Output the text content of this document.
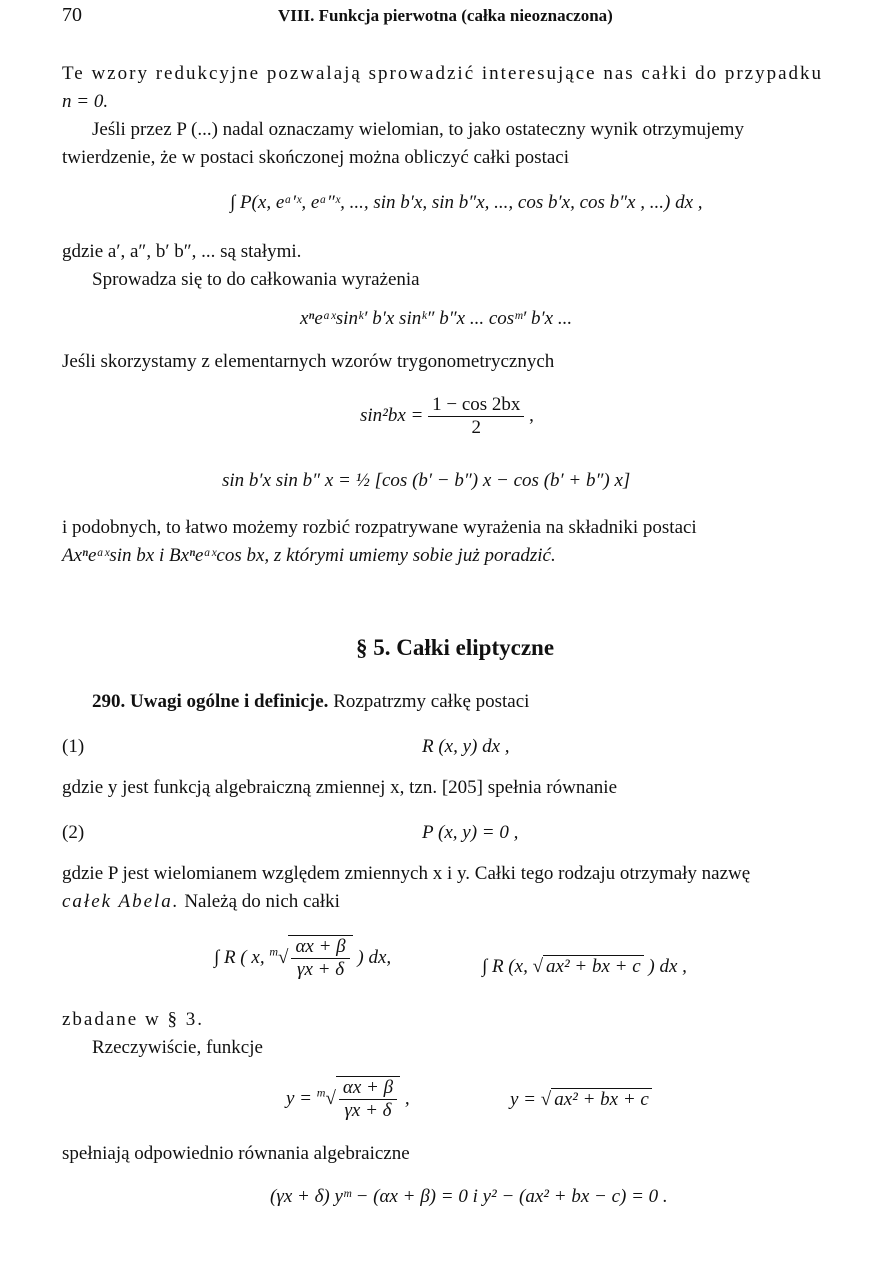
70	VIII. Funkcja pierwotna (całka nieoznaczona)
Te wzory redukcyjne pozwalają sprowadzić interesujące nas całki do przypadku
n = 0.
Jeśli przez P (...) nadal oznaczamy wielomian, to jako ostateczny wynik otrzymujemy
twierdzenie, że w postaci skończonej można obliczyć całki postaci
∫ P(x, eᵃ′ˣ, eᵃ″ˣ, ..., sin b′x, sin b″x, ..., cos b′x, cos b″x , ...) dx ,
gdzie a′, a″, b′ b″, ... są stałymi.
Sprowadza się to do całkowania wyrażenia
xⁿeᵃˣsinᵏ′ b′x sinᵏ″ b″x ... cosᵐ′ b′x ...
Jeśli skorzystamy z elementarnych wzorów trygonometrycznych
$\sin^2bx = \frac{1 - \cos 2bx}{2}$ ,
sin b′x sin b″ x = ½ [cos (b′ − b″) x − cos (b′ + b″) x]
i podobnych, to łatwo możemy rozbić rozpatrywane wyrażenia na składniki postaci
Axⁿeᵃˣsin bx i Bxⁿeᵃˣcos bx, z którymi umiemy sobie już poradzić.
§ 5. Całki eliptyczne
290. Uwagi ogólne i definicje. Rozpatrzmy całkę postaci
(1)	R (x, y) dx ,
gdzie y jest funkcją algebraiczną zmiennej x, tzn. [205] spełnia równanie
(2)	P (x, y) = 0 ,
gdzie P jest wielomianem względem zmiennych x i y. Całki tego rodzaju otrzymały nazwę
całek Abela. Należą do nich całki
∫ R ( x, $^m√ \frac{\alpha x + \beta}{\gamma x + \delta}$ ) dx,	∫ R (x, √ ax² + bx + c ) dx ,
zbadane w § 3.
Rzeczywiście, funkcje
$y = ^m√ \frac{\alpha x + \beta}{\gamma x + \delta}$ ,	y = √ ax² + bx + c
spełniają odpowiednio równania algebraiczne
(γx + δ) yᵐ − (αx + β) = 0 i y² − (ax² + bx − c) = 0 .
